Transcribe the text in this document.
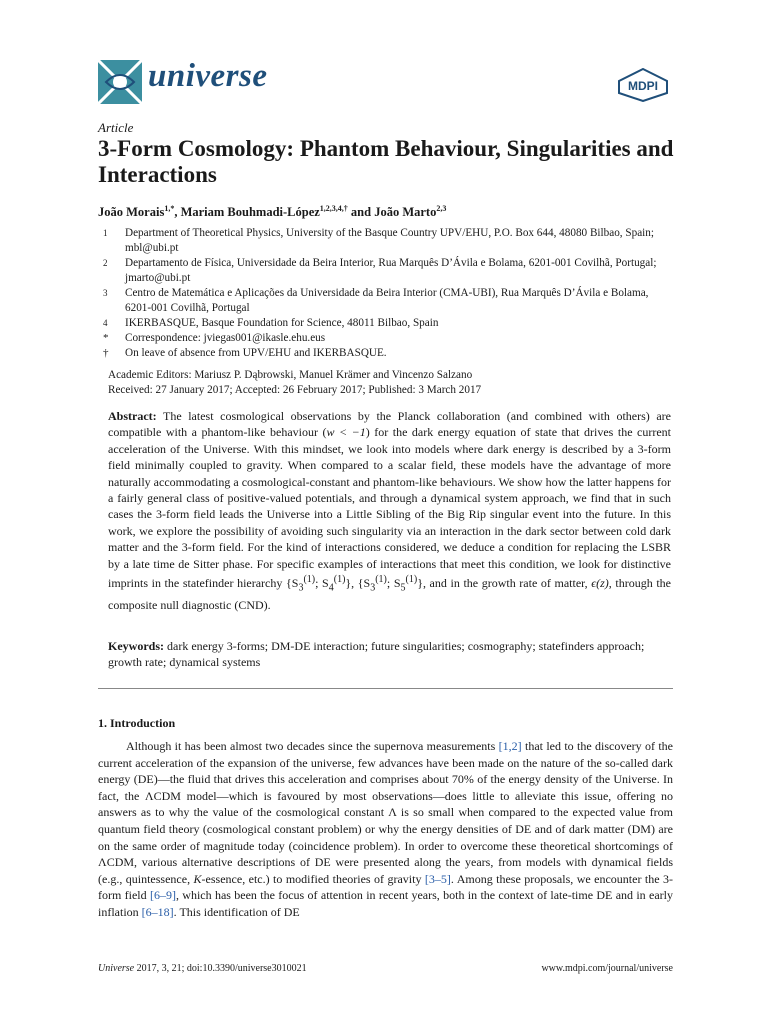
universe	MDPI
Article
3-Form Cosmology: Phantom Behaviour, Singularities and Interactions
João Morais$^{1,*}$, Mariam Bouhmadi-López$^{1,2,3,4,\dagger}$ and João Marto$^{2,3}$
1	Department of Theoretical Physics, University of the Basque Country UPV/EHU, P.O. Box 644, 48080 Bilbao, Spain; mbl@ubi.pt
2	Departamento de Física, Universidade da Beira Interior, Rua Marquês D’Ávila e Bolama, 6201-001 Covilhã, Portugal; jmarto@ubi.pt
3	Centro de Matemática e Aplicações da Universidade da Beira Interior (CMA-UBI), Rua Marquês D’Ávila e Bolama, 6201-001 Covilhã, Portugal
4	IKERBASQUE, Basque Foundation for Science, 48011 Bilbao, Spain
*	Correspondence: jviegas001@ikasle.ehu.eus
†	On leave of absence from UPV/EHU and IKERBASQUE.
Academic Editors: Mariusz P. Dąbrowski, Manuel Krämer and Vincenzo Salzano
Received: 27 January 2017; Accepted: 26 February 2017; Published: 3 March 2017
Abstract: The latest cosmological observations by the Planck collaboration (and combined with others) are compatible with a phantom-like behaviour (w < −1) for the dark energy equation of state that drives the current acceleration of the Universe. With this mindset, we look into models where dark energy is described by a 3-form field minimally coupled to gravity. When compared to a scalar field, these models have the advantage of more naturally accommodating a cosmological-constant and phantom-like behaviours. We show how the latter happens for a fairly general class of positive-valued potentials, and through a dynamical system approach, we find that in such cases the 3-form field leads the Universe into a Little Sibling of the Big Rip singular event into the future. In this work, we explore the possibility of avoiding such singularity via an interaction in the dark sector between cold dark matter and the 3-form field. For the kind of interactions considered, we deduce a condition for replacing the LSBR by a late time de Sitter phase. For specific examples of interactions that meet this condition, we look for distinctive imprints in the statefinder hierarchy {$S_3^{(1)}$; $S_4^{(1)}$}, {$S_3^{(1)}$; $S_5^{(1)}$}, and in the growth rate of matter, ϵ(z), through the composite null diagnostic (CND).
Keywords: dark energy 3-forms; DM-DE interaction; future singularities; cosmography; statefinders approach; growth rate; dynamical systems
1. Introduction
Although it has been almost two decades since the supernova measurements [1,2] that led to the discovery of the current acceleration of the expansion of the universe, few advances have been made on the nature of the so-called dark energy (DE)—the fluid that drives this acceleration and comprises about 70% of the energy density of the Universe. In fact, the ΛCDM model—which is favoured by most observations—does little to alleviate this issue, offering no answers as to why the value of the cosmological constant Λ is so small when compared to the expected value from quantum field theory (cosmological constant problem) or why the energy densities of DE and of dark matter (DM) are on the same order of magnitude today (coincidence problem). In order to overcome these theoretical shortcomings of ΛCDM, various alternative descriptions of DE were presented along the years, from models with dynamical fields (e.g., quintessence, K-essence, etc.) to modified theories of gravity [3–5]. Among these proposals, we encounter the 3-form field [6–9], which has been the focus of attention in recent years, both in the context of late-time DE and in early inflation [6–18]. This identification of DE
Universe 2017, 3, 21; doi:10.3390/universe3010021	www.mdpi.com/journal/universe
